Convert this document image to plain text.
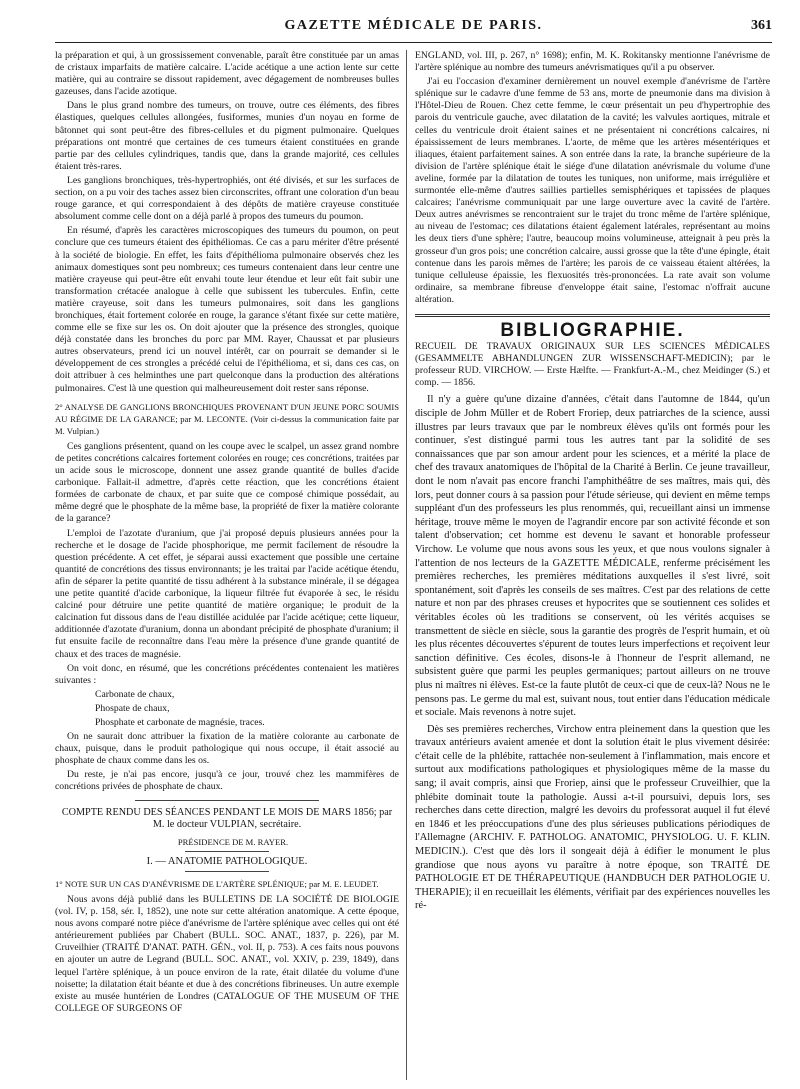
GAZETTE MÉDICALE DE PARIS.	361

la préparation et qui, à un grossissement convenable, paraît être constituée par un amas de cristaux imparfaits de matière calcaire. L'acide acétique a une action lente sur cette matière, qui au contraire se dissout rapidement, avec dégagement de nombreuses bulles gazeuses, dans l'acide azotique.

Dans le plus grand nombre des tumeurs, on trouve, outre ces éléments, des fibres élastiques, quelques cellules allongées, fusiformes, munies d'un noyau en forme de bâtonnet qui sont peut-être des fibres-cellules et du pigment pulmonaire. Quelques préparations ont montré que certaines de ces tumeurs étaient constituées en grande partie par des cellules cylindriques, tandis que, dans la grande majorité, ces cellules étaient très-rares.

Les ganglions bronchiques, très-hypertrophiés, ont été divisés, et sur les surfaces de section, on a pu voir des taches assez bien circonscrites, offrant une coloration d'un beau rouge garance, et qui correspondaient à des dépôts de matière crayeuse constituée absolument comme celle dont on a déjà parlé à propos des tumeurs du poumon.

En résumé, d'après les caractères microscopiques des tumeurs du poumon, on peut conclure que ces tumeurs étaient des épithéliomas. Ce cas a paru mériter d'être présenté à la société de biologie. En effet, les faits d'épithélioma pulmonaire observés chez les animaux domestiques sont peu nombreux; ces tumeurs contenaient dans leur centre une matière crayeuse qui peut-être eût envahi toute leur étendue et leur eût fait subir une transformation crétacée analogue à celle que subissent les tubercules. Enfin, cette matière crayeuse, soit dans les tumeurs pulmonaires, soit dans les ganglions bronchiques, était fortement colorée en rouge, la garance s'étant fixée sur cette matière, comme elle se fixe sur les os. On doit ajouter que la présence des strongles, quoique déjà constatée dans les bronches du porc par MM. Rayer, Chaussat et par plusieurs autres observateurs, prend ici un nouvel intérêt, car on pourrait se demander si le développement de ces strongles a précédé celui de l'épithélioma, et si, dans ces cas, on doit attribuer à ces helminthes une part quelconque dans la production des altérations pulmonaires. C'est là une question qui malheureusement doit rester sans réponse.

2° ANALYSE DE GANGLIONS BRONCHIQUES PROVENANT D'UN JEUNE PORC SOUMIS AU RÉGIME DE LA GARANCE; par M. LECONTE. (Voir ci-dessus la communication faite par M. Vulpian.)

Ces ganglions présentent, quand on les coupe avec le scalpel, un assez grand nombre de petites concrétions calcaires fortement colorées en rouge; ces concrétions, traitées par un acide sous le microscope, donnent une assez grande quantité de bulles d'acide carbonique. Fallait-il admettre, d'après cette réaction, que les concrétions étaient formées de carbonate de chaux, et par suite que ce composé chimique possédait, au même degré que le phosphate de la même base, la propriété de fixer la matière colorante de la garance?

L'emploi de l'azotate d'uranium, que j'ai proposé depuis plusieurs années pour la recherche et le dosage de l'acide phosphorique, me permit facilement de résoudre la question précédente. A cet effet, je séparai aussi exactement que possible une certaine quantité de concrétions des tissus environnants; je les traitai par l'acide acétique étendu, afin de séparer la petite quantité de tissu adhérent à la substance minérale, il se dégagea une petite quantité d'acide carbonique, la liqueur filtrée fut évaporée à sec, le résidu calciné pour détruire une petite quantité de matière organique; le produit de la calcination fut dissous dans de l'eau distillée acidulée par l'acide acétique; cette liqueur, additionnée d'azotate d'uranium, donna un abondant précipité de phosphate d'uranium; il fut ensuite facile de reconnaître dans l'eau mère la présence d'une grande quantité de chaux et des traces de magnésie.

On voit donc, en résumé, que les concrétions précédentes contenaient les matières suivantes :

Carbonate de chaux,

Phospate de chaux,

Phosphate et carbonate de magnésie, traces.

On ne saurait donc attribuer la fixation de la matière colorante au carbonate de chaux, puisque, dans le produit pathologique qui nous occupe, il était associé au phosphate de chaux comme dans les os.

Du reste, je n'ai pas encore, jusqu'à ce jour, trouvé chez les mammifères de concrétions privées de phosphate de chaux.

COMPTE RENDU DES SÉANCES PENDANT LE MOIS DE MARS 1856; par M. le docteur VULPIAN, secrétaire.

PRÉSIDENCE DE M. RAYER.

I. — ANATOMIE PATHOLOGIQUE.

1° NOTE SUR UN CAS D'ANÉVRISME DE L'ARTÈRE SPLÉNIQUE; par M. E. LEUDET.

Nous avons déjà publié dans les BULLETINS DE LA SOCIÉTÉ DE BIOLOGIE (vol. IV, p. 158, sér. I, 1852), une note sur cette altération anatomique. A cette époque, nous avons comparé notre pièce d'anévrisme de l'artère splénique avec celles qui ont été antérieurement publiées par Chabert (BULL. SOC. ANAT., 1837, p. 226), par M. Cruveilhier (TRAITÉ D'ANAT. PATH. GÉN., vol. II, p. 753). A ces faits nous pouvons en ajouter un autre de Legrand (BULL. SOC. ANAT., vol. XXIV, p. 239, 1849), dans lequel l'artère splénique, à un pouce environ de la rate, était dilatée du volume d'une noisette; la dilatation était béante et due à des concrétions fibrineuses. Un autre exemple existe au musée huntérien de Londres (CATALOGUE OF THE MUSEUM OF THE COLLEGE OF SURGEONS OF

ENGLAND, vol. III, p. 267, n° 1698); enfin, M. K. Rokitansky mentionne l'anévrisme de l'artère splénique au nombre des tumeurs anévrismatiques qu'il a pu observer.

J'ai eu l'occasion d'examiner dernièrement un nouvel exemple d'anévrisme de l'artère splénique sur le cadavre d'une femme de 53 ans, morte de pneumonie dans ma division à l'Hôtel-Dieu de Rouen. Chez cette femme, le cœur présentait un peu d'hypertrophie des parois du ventricule gauche, avec dilatation de la cavité; les valvules aortiques, mitrale et celles du ventricule droit étaient saines et ne présentaient ni concrétions calcaires, ni épaississement de leurs membranes. L'aorte, de même que les artères mésentériques et iliaques, étaient parfaitement saines. A son entrée dans la rate, la branche supérieure de la division de l'artère splénique était le siége d'une dilatation anévrismale du volume d'une aveline, formée par la dilatation de toutes les tuniques, non uniforme, mais irrégulière et surmontée elle-même d'autres saillies partielles semisphériques et tapissées de plaques calcaires; l'anévrisme communiquait par une large ouverture avec la cavité de l'artère. Deux autres anévrismes se rencontraient sur le trajet du tronc même de l'artère splénique, au niveau de l'estomac; ces dilatations étaient également latérales, représentant au moins les deux tiers d'une sphère; l'autre, beaucoup moins volumineuse, atteignait à peu près la grosseur d'un gros pois; une concrétion calcaire, aussi grosse que la tête d'une épingle, était contenue dans les parois mêmes de l'artère; les parois de ce vaisseau étaient altérées, la tunique celluleuse épaissie, les flexuosités très-prononcées. La rate avait son volume ordinaire, sa membrane fibreuse d'enveloppe était saine, l'estomac n'offrait aucune altération.

BIBLIOGRAPHIE.

RECUEIL DE TRAVAUX ORIGINAUX SUR LES SCIENCES MÉDICALES (GESAMMELTE ABHANDLUNGEN ZUR WISSENSCHAFT-MEDICIN); par le professeur RUD. VIRCHOW. — Erste Hælfte. — Frankfurt-A.-M., chez Meidinger (S.) et comp. — 1856.

Il n'y a guère qu'une dizaine d'années, c'était dans l'automne de 1844, qu'un disciple de Johm Müller et de Robert Froriep, deux patriarches de la science, aussi illustres par leurs travaux que par le nombreux élèves qu'ils ont formés pour les continuer, s'est distingué parmi tous les autres tant par la solidité de ses connaissances que par son amour ardent pour les sciences, et a mérité la place de chef des travaux anatomiques de l'hôpital de la Charité à Berlin. Ce jeune travailleur, dont le nom n'avait pas encore franchi l'amphithéâtre de ses maîtres, mais qui, dès lors, peut donner cours à sa passion pour l'étude sérieuse, qui devient en même temps suppléant d'un des professeurs les plus renommés, qui, recueillant ainsi un immense héritage, trouve même le moyen de l'agrandir encore par son activité féconde et son talent d'observation; cet homme est devenu le savant et honorable professeur Virchow. Le volume que nous avons sous les yeux, et que nous voulons signaler à l'attention de nos lecteurs de la GAZETTE MÉDICALE, renferme précisément les premières recherches, les premières méditations auxquelles il s'est livré, soit spontanément, soit d'après les conseils de ses maîtres. C'est par des relations de cette nature et non par des phrases creuses et hypocrites que se soutiennent ces solides et véritables écoles où les traditions se conservent, où les vérités acquises se transmettent de siècle en siècle, sous la garantie des progrès de l'esprit humain, et où les plus récentes découvertes s'épurent de toutes leurs imperfections et reçoivent leur sanction définitive. Ces écoles, disons-le à l'honneur de l'esprit allemand, ne subsistent guère que parmi les peuples germaniques; partout ailleurs on ne trouve plus ni maîtres ni élèves. Est-ce la faute plutôt de ceux-ci que de ceux-là? Nous ne le pensons pas. Le germe du mal est, suivant nous, tout entier dans l'éducation médicale et sociale. Mais revenons à notre sujet.

Dès ses premières recherches, Virchow entra pleinement dans la question que les travaux antérieurs avaient amenée et dont la solution était le plus vivement désirée: c'était celle de la phlébite, rattachée non-seulement à l'inflammation, mais encore et surtout aux modifications pathologiques et physiologiques même de la masse du sang; il avait compris, ainsi que Froriep, ainsi que le professeur Cruveilhier, que la phlébite dominait toute la pathologie. Aussi a-t-il poursuivi, depuis lors, ses recherches dans cette direction, malgré les devoirs du professorat auquel il fut élevé en 1846 et les préoccupations d'une des plus sérieuses publications périodiques de l'Allemagne (ARCHIV. F. PATHOLOG. ANATOMIC, PHYSIOLOG. U. F. KLIN. MEDICIN.). C'est que dès lors il songeait déjà à édifier le monument le plus grandiose que nous ayons vu paraître à notre époque, son TRAITÉ DE PATHOLOGIE ET DE THÉRAPEUTIQUE (HANDBUCH DER PATHOLOGIE U. THERAPIE); il en recueillait les éléments, vérifiait par des expériences nouvelles les ré-
